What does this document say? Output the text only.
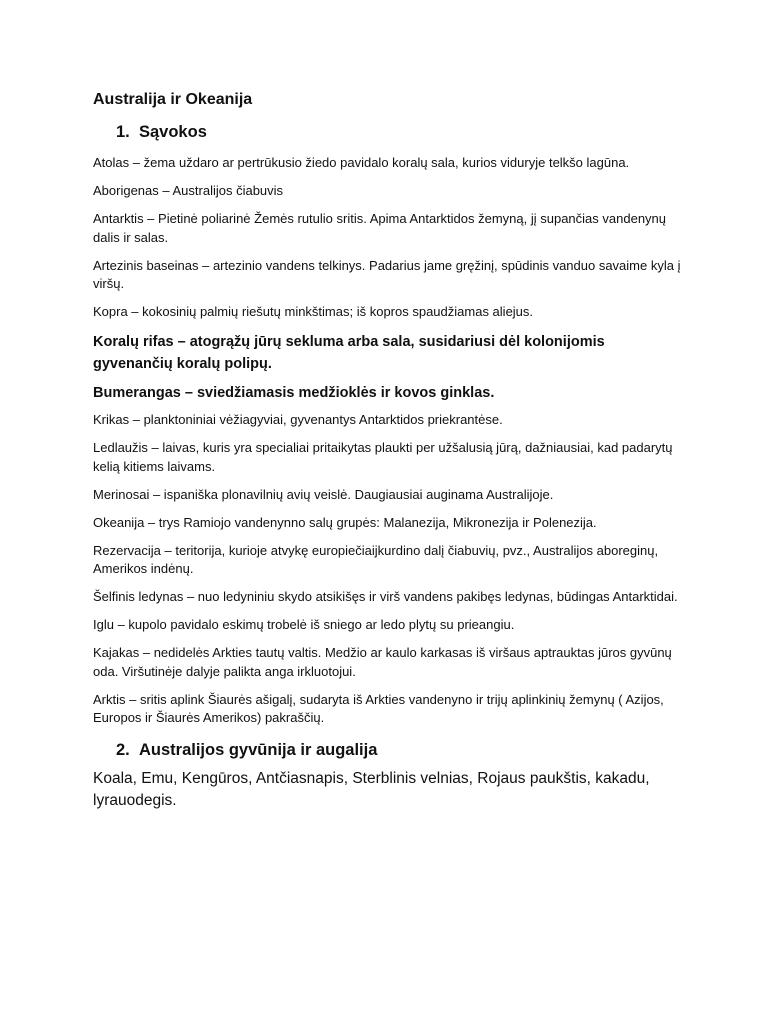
Australija ir Okeanija
1. Sąvokos

Atolas – žema uždaro ar pertrūkusio žiedo pavidalo koralų sala, kurios viduryje telkšo lagūna.

Aborigenas – Australijos čiabuvis

Antarktis – Pietinė poliarinė Žemės rutulio sritis. Apima Antarktidos žemyną, jį supančias vandenynų dalis ir salas.

Artezinis baseinas – artezinio vandens telkinys. Padarius jame gręžinį, spūdinis vanduo savaime kyla į viršų.

Kopra – kokosinių palmių riešutų minkštimas; iš kopros spaudžiamas aliejus.

Koralų rifas – atogrąžų jūrų sekluma arba sala, susidariusi dėl kolonijomis gyvenančių koralų polipų.

Bumerangas – sviedžiamasis medžioklės ir kovos ginklas.

Krikas – planktoniniai vėžiagyviai, gyvenantys Antarktidos priekrantėse.

Ledlaužis – laivas, kuris yra specialiai pritaikytas plaukti per užšalusią jūrą, dažniausiai, kad padarytų kelią kitiems laivams.

Merinosai – ispaniška plonavilnių avių veislė. Daugiausiai auginama Australijoje.

Okeanija – trys Ramiojo vandenynno salų grupės: Malanezija, Mikronezija ir Polenezija.

Rezervacija – teritorija, kurioje atvykę europiečiaijkurdino dalį čiabuvių, pvz., Australijos aboreginų, Amerikos indėnų.

Šelfinis ledynas – nuo ledyniniu skydo atsikišęs ir virš vandens pakibęs ledynas, būdingas Antarktidai.

Iglu – kupolo pavidalo eskimų trobelė iš sniego ar ledo plytų su prieangiu.

Kajakas – nedidelės Arkties tautų valtis. Medžio ar kaulo karkasas iš viršaus aptrauktas jūros gyvūnų oda. Viršutinėje dalyje palikta anga irkluotojui.

Arktis – sritis aplink Šiaurės ašigalį, sudaryta iš Arkties vandenyno ir trijų aplinkinių žemynų ( Azijos, Europos ir Šiaurės Amerikos) pakraščių.

2. Australijos gyvūnija ir augalija

Koala, Emu, Kengūros, Antčiasnapis, Sterblinis velnias, Rojaus paukštis, kakadu, lyrauodegis.
